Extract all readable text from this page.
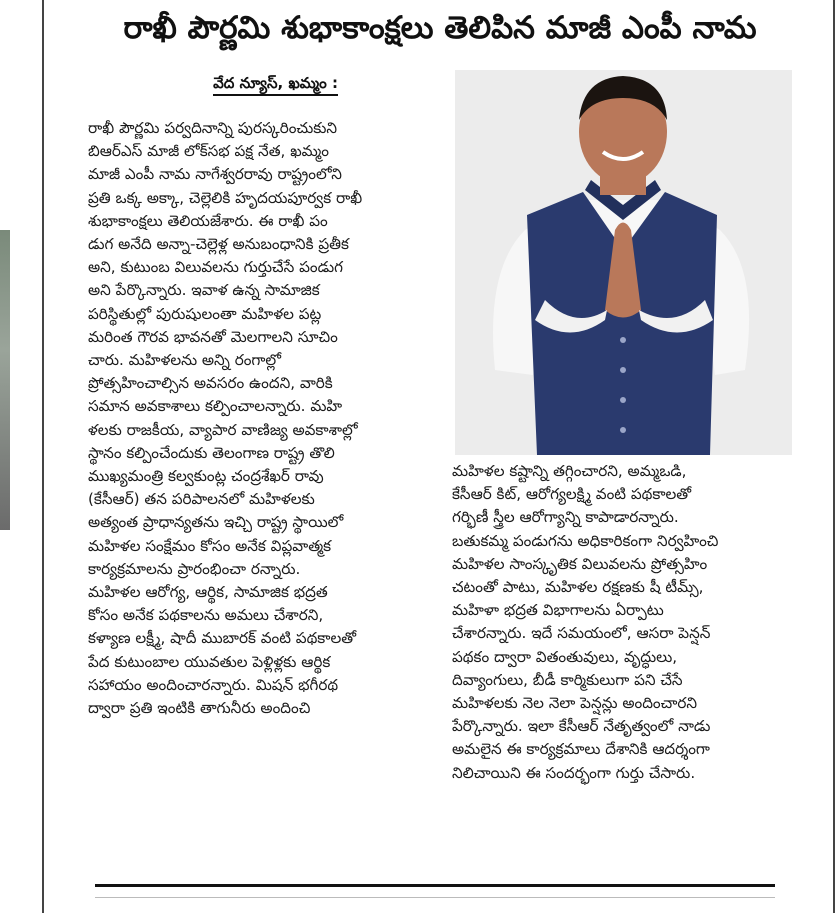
రాఖీ పౌర్ణమి శుభాకాంక్షలు తెలిపిన మాజీ ఎంపీ నామ
వేద న్యూస్, ఖమ్మం :
రాఖీ పౌర్ణమి పర్వదినాన్ని పురస్కరించుకుని
బిఆర్ఎస్ మాజీ లోక్‌సభ పక్ష నేత, ఖమ్మం
మాజీ ఎంపీ నామ నాగేశ్వరరావు రాష్ట్రంలోని
ప్రతి ఒక్క అక్కా, చెల్లెలికి హృదయపూర్వక రాఖీ
శుభాకాంక్షలు తెలియజేశారు. ఈ రాఖీ పం
డుగ అనేది అన్నా-చెల్లెళ్ల అనుబంధానికి ప్రతీక
అని, కుటుంబ విలువలను గుర్తుచేసే పండుగ
అని పేర్కొన్నారు. ఇవాళ ఉన్న సామాజిక
పరిస్థితుల్లో పురుషులంతా మహిళల పట్ల
మరింత గౌరవ భావనతో మెలగాలని సూచిం
చారు. మహిళలను అన్ని రంగాల్లో
ప్రోత్సహించాల్సిన అవసరం ఉందని, వారికి
సమాన అవకాశాలు కల్పించాలన్నారు. మహి
ళలకు రాజకీయ, వ్యాపార వాణిజ్య అవకాశాల్లో
స్థానం కల్పించేందుకు తెలంగాణ రాష్ట్ర తొలి
ముఖ్యమంత్రి కల్వకుంట్ల చంద్రశేఖర్ రావు
(కేసీఆర్) తన పరిపాలనలో మహిళలకు
అత్యంత ప్రాధాన్యతను ఇచ్చి రాష్ట్ర స్థాయిలో
మహిళల సంక్షేమం కోసం అనేక విప్లవాత్మక
కార్యక్రమాలను ప్రారంభించా రన్నారు.
మహిళల ఆరోగ్య, ఆర్థిక, సామాజిక భద్రత
కోసం అనేక పథకాలను అమలు చేశారని,
కళ్యాణ లక్ష్మీ, షాదీ ముబారక్ వంటి పథకాలతో
పేద కుటుంబాల యువతుల పెళ్లిళ్లకు ఆర్థిక
సహాయం అందించారన్నారు. మిషన్ భగీరథ
ద్వారా ప్రతి ఇంటికి తాగునీరు అందించి
మహిళల కష్టాన్ని తగ్గించారని, అమ్మఒడి,
కేసీఆర్ కిట్, ఆరోగ్యలక్ష్మి వంటి పథకాలతో
గర్భిణీ స్త్రీల ఆరోగ్యాన్ని కాపాడారన్నారు.
బతుకమ్మ పండుగను అధికారికంగా నిర్వహించి
మహిళల సాంస్కృతిక విలువలను ప్రోత్సహిం
చటంతో పాటు, మహిళల రక్షణకు షీ టీమ్స్,
మహిళా భద్రత విభాగాలను ఏర్పాటు
చేశారన్నారు. ఇదే సమయంలో, ఆసరా పెన్షన్
పథకం ద్వారా వితంతువులు, వృద్ధులు,
దివ్యాంగులు, బీడీ కార్మికులుగా పని చేసే
మహిళలకు నెల నెలా పెన్షన్లు అందించారని
పేర్కొన్నారు. ఇలా కేసీఆర్ నేతృత్వంలో నాడు
అమలైన ఈ కార్యక్రమాలు దేశానికి ఆదర్శంగా
నిలిచాయిని ఈ సందర్భంగా గుర్తు చేసారు.
